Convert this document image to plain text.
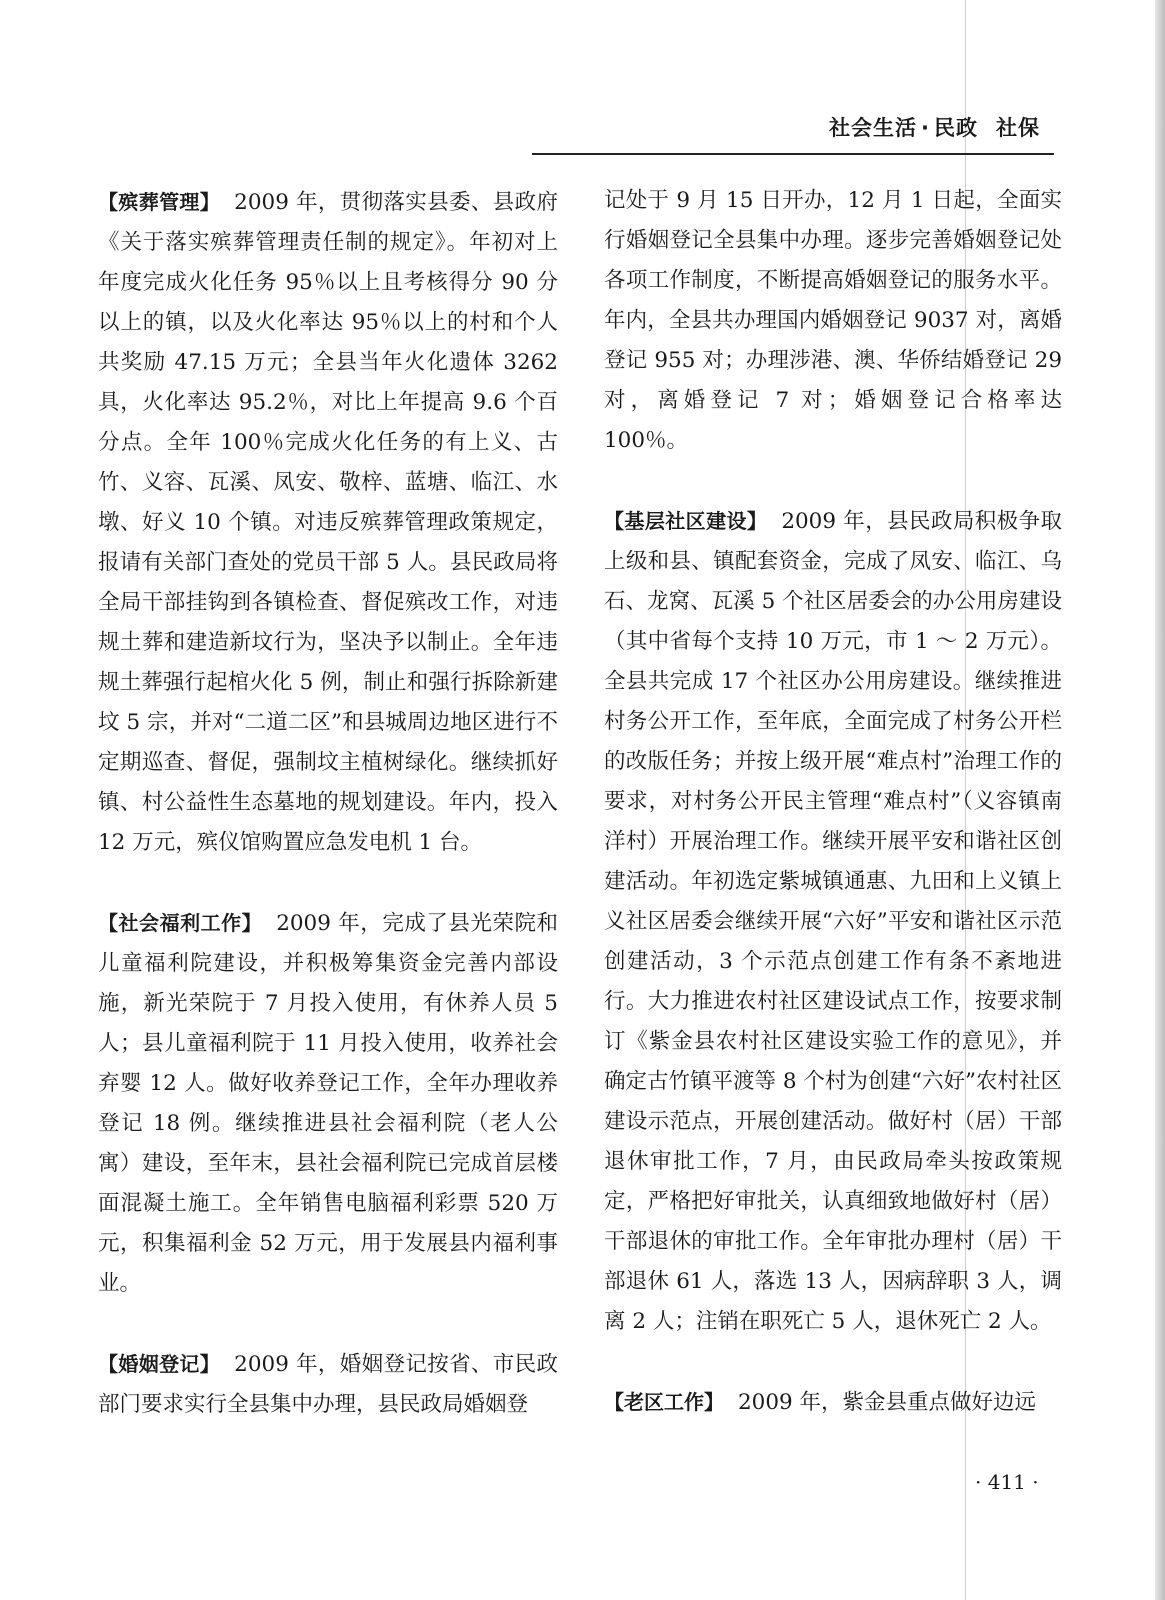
社会生活 · 民政 社保

【殡葬管理】 2009 年，贯彻落实县委、县政府《关于落实殡葬管理责任制的规定》。年初对上年度完成火化任务 95％以上且考核得分 90 分以上的镇，以及火化率达 95％以上的村和个人共奖励 47.15 万元；全县当年火化遗体 3262 具，火化率达 95.2％，对比上年提高 9.6 个百分点。全年 100％完成火化任务的有上义、古竹、义容、瓦溪、凤安、敬梓、蓝塘、临江、水墩、好义 10 个镇。对违反殡葬管理政策规定，报请有关部门查处的党员干部 5 人。县民政局将全局干部挂钩到各镇检查、督促殡改工作，对违规土葬和建造新坟行为，坚决予以制止。全年违规土葬强行起棺火化 5 例，制止和强行拆除新建坟 5 宗，并对“二道二区”和县城周边地区进行不定期巡查、督促，强制坟主植树绿化。继续抓好镇、村公益性生态墓地的规划建设。年内，投入 12 万元，殡仪馆购置应急发电机 1 台。

【社会福利工作】 2009 年，完成了县光荣院和儿童福利院建设，并积极筹集资金完善内部设施，新光荣院于 7 月投入使用，有休养人员 5 人；县儿童福利院于 11 月投入使用，收养社会弃婴 12 人。做好收养登记工作，全年办理收养登记 18 例。继续推进县社会福利院（老人公寓）建设，至年末，县社会福利院已完成首层楼面混凝土施工。全年销售电脑福利彩票 520 万元，积集福利金 52 万元，用于发展县内福利事业。

【婚姻登记】 2009 年，婚姻登记按省、市民政部门要求实行全县集中办理，县民政局婚姻登

记处于 9 月 15 日开办，12 月 1 日起，全面实行婚姻登记全县集中办理。逐步完善婚姻登记处各项工作制度，不断提高婚姻登记的服务水平。年内，全县共办理国内婚姻登记 9037 对，离婚登记 955 对；办理涉港、澳、华侨结婚登记 29 对，离婚登记 7 对；婚姻登记合格率达 100％。

【基层社区建设】 2009 年，县民政局积极争取上级和县、镇配套资金，完成了凤安、临江、乌石、龙窝、瓦溪 5 个社区居委会的办公用房建设（其中省每个支持 10 万元，市 1 ～ 2 万元）。全县共完成 17 个社区办公用房建设。继续推进村务公开工作，至年底，全面完成了村务公开栏的改版任务；并按上级开展“难点村”治理工作的要求，对村务公开民主管理“难点村”（义容镇南洋村）开展治理工作。继续开展平安和谐社区创建活动。年初选定紫城镇通惠、九田和上义镇上义社区居委会继续开展“六好”平安和谐社区示范创建活动，3 个示范点创建工作有条不紊地进行。大力推进农村社区建设试点工作，按要求制订《紫金县农村社区建设实验工作的意见》，并确定古竹镇平渡等 8 个村为创建“六好”农村社区建设示范点，开展创建活动。做好村（居）干部退休审批工作，7 月，由民政局牵头按政策规定，严格把好审批关，认真细致地做好村（居）干部退休的审批工作。全年审批办理村（居）干部退休 61 人，落选 13 人，因病辞职 3 人，调离 2 人；注销在职死亡 5 人，退休死亡 2 人。

【老区工作】 2009 年，紫金县重点做好边远

· 411 ·
